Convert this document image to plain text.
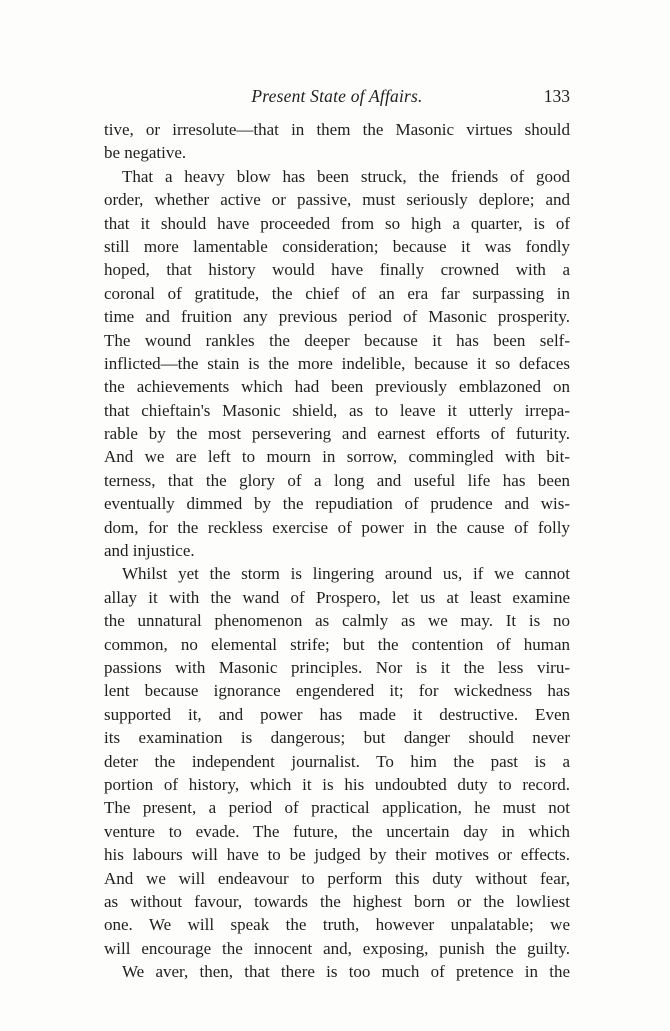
Present State of Affairs.	133
tive, or irresolute—that in them the Masonic virtues should
be negative.
That a heavy blow has been struck, the friends of good
order, whether active or passive, must seriously deplore; and
that it should have proceeded from so high a quarter, is of
still more lamentable consideration; because it was fondly
hoped, that history would have finally crowned with a
coronal of gratitude, the chief of an era far surpassing in
time and fruition any previous period of Masonic prosperity.
The wound rankles the deeper because it has been self-
inflicted—the stain is the more indelible, because it so defaces
the achievements which had been previously emblazoned on
that chieftain's Masonic shield, as to leave it utterly irrepa-
rable by the most persevering and earnest efforts of futurity.
And we are left to mourn in sorrow, commingled with bit-
terness, that the glory of a long and useful life has been
eventually dimmed by the repudiation of prudence and wis-
dom, for the reckless exercise of power in the cause of folly
and injustice.
Whilst yet the storm is lingering around us, if we cannot
allay it with the wand of Prospero, let us at least examine
the unnatural phenomenon as calmly as we may. It is no
common, no elemental strife; but the contention of human
passions with Masonic principles. Nor is it the less viru-
lent because ignorance engendered it; for wickedness has
supported it, and power has made it destructive. Even
its examination is dangerous; but danger should never
deter the independent journalist. To him the past is a
portion of history, which it is his undoubted duty to record.
The present, a period of practical application, he must not
venture to evade. The future, the uncertain day in which
his labours will have to be judged by their motives or effects.
And we will endeavour to perform this duty without fear,
as without favour, towards the highest born or the lowliest
one. We will speak the truth, however unpalatable; we
will encourage the innocent and, exposing, punish the guilty.
We aver, then, that there is too much of pretence in the
